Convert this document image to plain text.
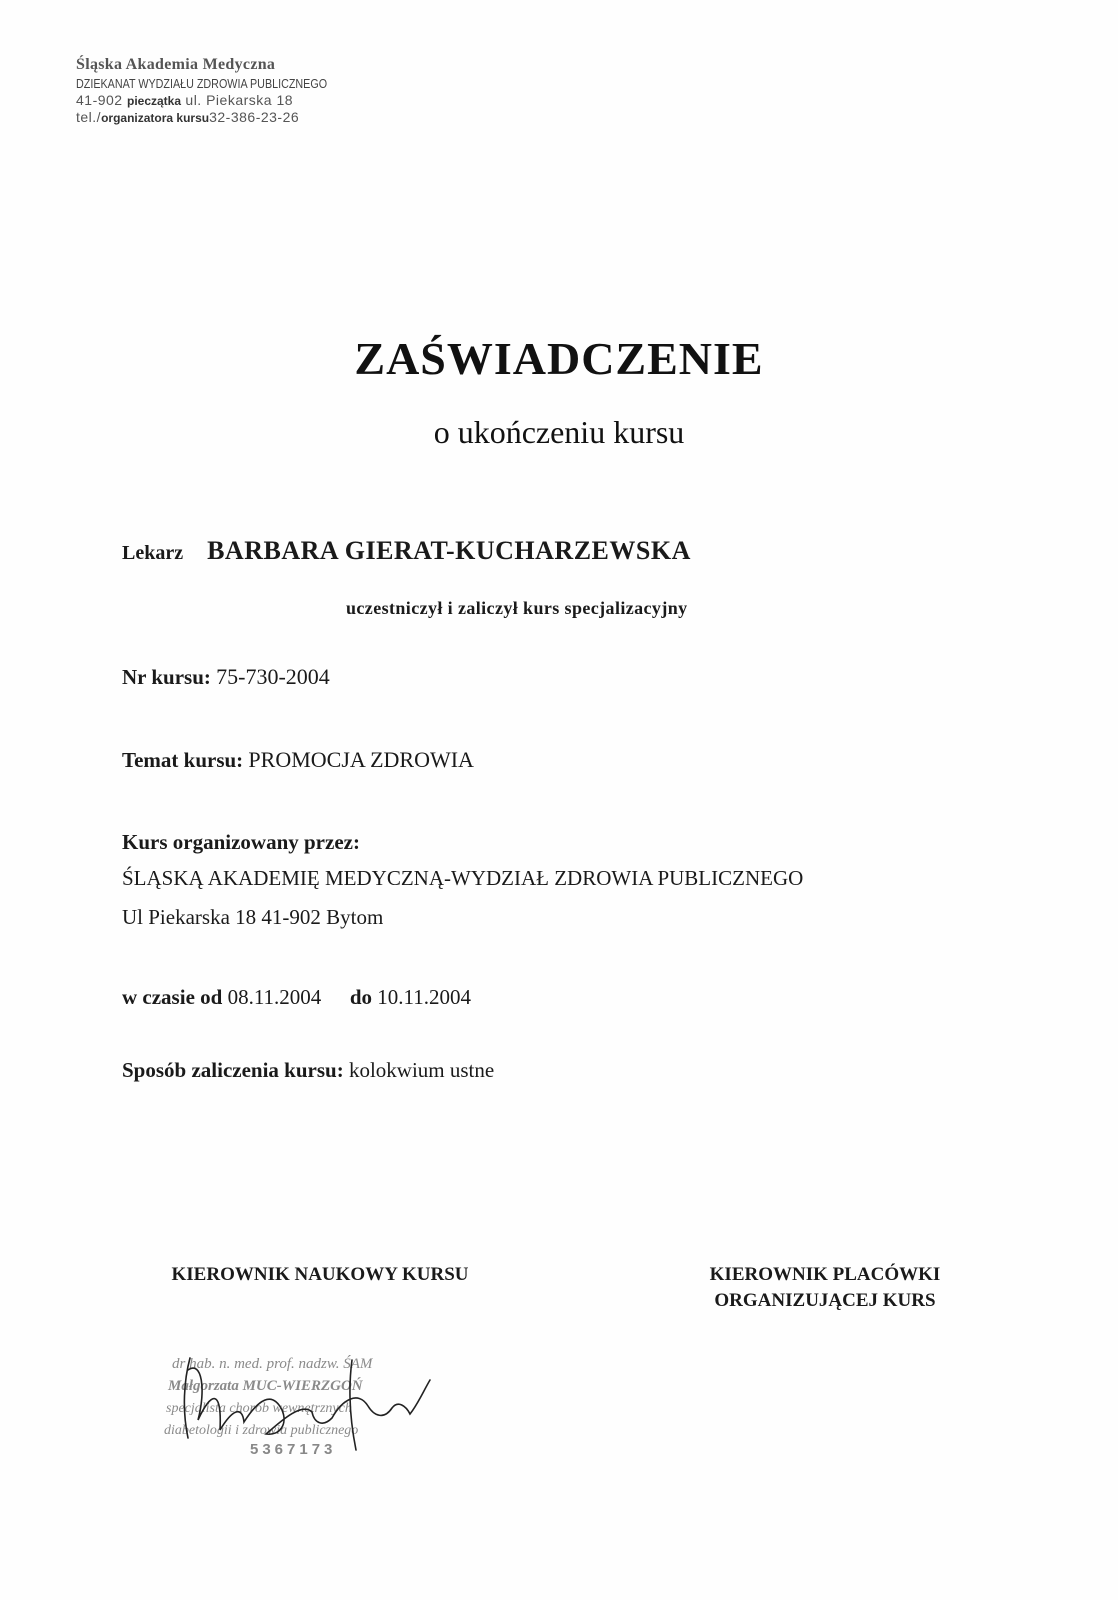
Śląska Akademia Medyczna
DZIEKANAT WYDZIAŁU ZDROWIA PUBLICZNEGO
41-902 pieczątka ul. Piekarska 18
tel./organizatora kursu32-386-23-26
ZAŚWIADCZENIE
o ukończeniu kursu
Lekarz BARBARA GIERAT-KUCHARZEWSKA
uczestniczył i zaliczył kurs specjalizacyjny
Nr kursu: 75-730-2004
Temat kursu: PROMOCJA ZDROWIA
Kurs organizowany przez:
ŚLĄSKĄ AKADEMIĘ MEDYCZNĄ-WYDZIAŁ ZDROWIA PUBLICZNEGO
Ul Piekarska 18 41-902 Bytom
w czasie od 08.11.2004 do 10.11.2004
Sposób zaliczenia kursu: kolokwium ustne
KIEROWNIK NAUKOWY KURSU	KIEROWNIK PLACÓWKI
ORGANIZUJĄCEJ KURS
dr hab. n. med. prof. nadzw. ŚAM
Małgorzata MUC-WIERZGOŃ
specjalista chorób wewnętrznych
diabetologii i zdrowia publicznego
5367173
